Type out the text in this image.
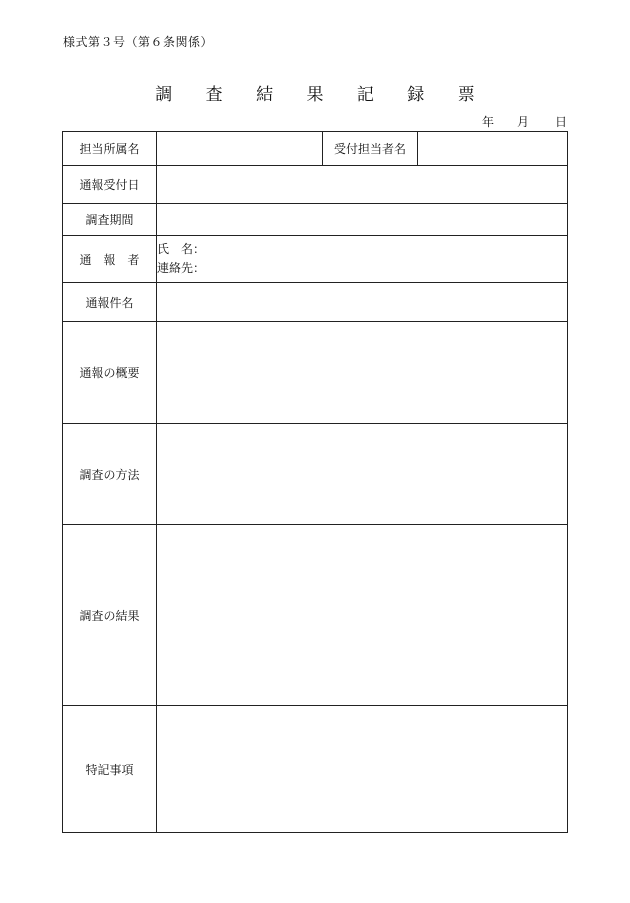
様式第３号（第６条関係）
調 査 結 果 記 録 票
年	月	日
担当所属名		受付担当者名	
通報受付日			
調査期間			
通　報　者	氏　名：
連絡先：		

通報件名			
通報の概要			
調査の方法			
調査の結果			
特記事項			
